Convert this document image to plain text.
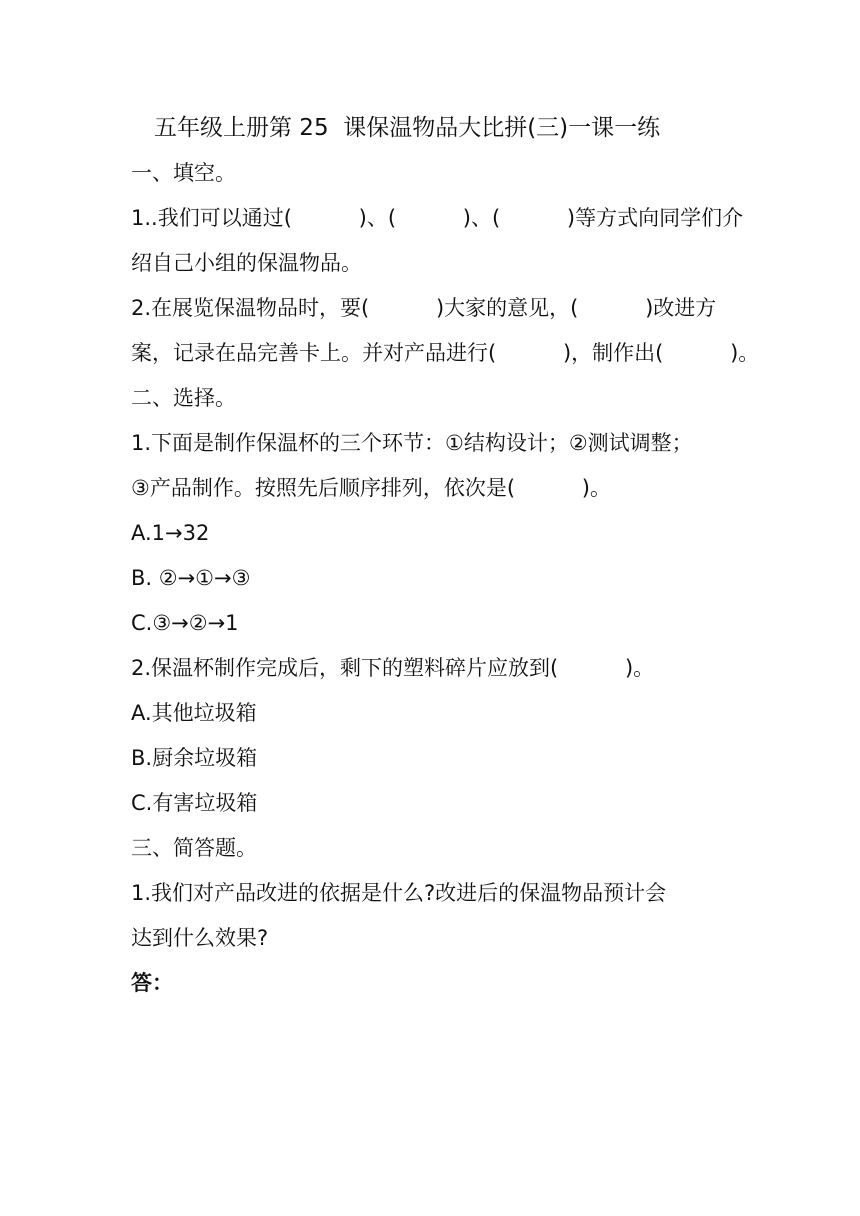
五年级上册第 25  课保温物品大比拼(三)一课一练
一、填空。
1..我们可以通过(          )、(          )、(          )等方式向同学们介
绍自己小组的保温物品。
2.在展览保温物品时，要(          )大家的意见，(          )改进方
案，记录在品完善卡上。并对产品进行(          )，制作出(          )。
二、选择。
1.下面是制作保温杯的三个环节：①结构设计；②测试调整；
③产品制作。按照先后顺序排列，依次是(          )。
A.1→32
B. ②→①→③
C.③→②→1
2.保温杯制作完成后，剩下的塑料碎片应放到(          )。
A.其他垃圾箱
B.厨余垃圾箱
C.有害垃圾箱
三、简答题。
1.我们对产品改进的依据是什么?改进后的保温物品预计会
达到什么效果?
答：
